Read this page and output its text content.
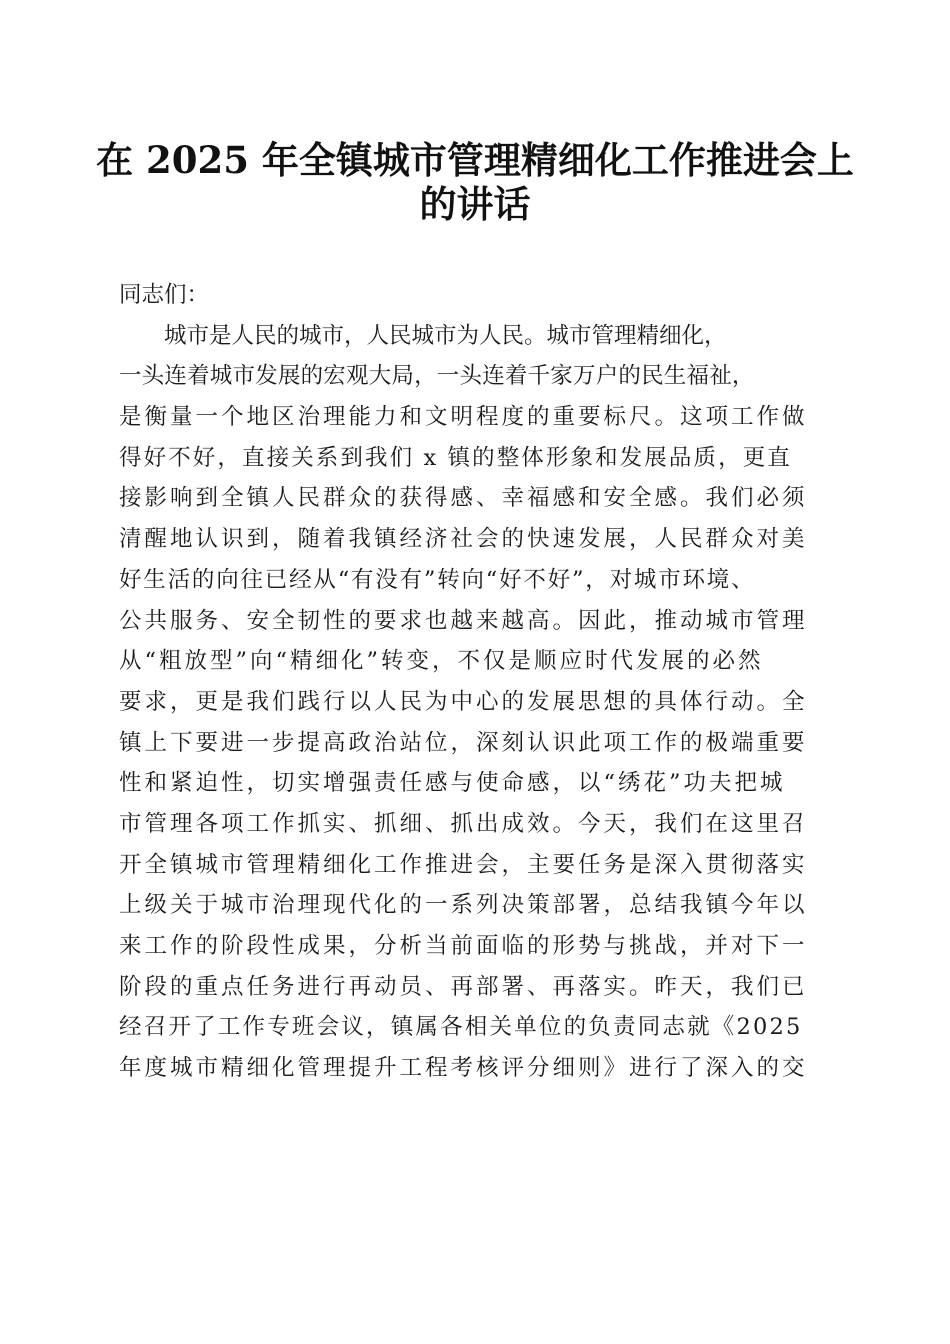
在 2025 年全镇城市管理精细化工作推进会上
的讲话
同志们：
城市是人民的城市，人民城市为人民。城市管理精细化，
一头连着城市发展的宏观大局，一头连着千家万户的民生福祉，
是衡量一个地区治理能力和文明程度的重要标尺。这项工作做
得好不好，直接关系到我们 x 镇的整体形象和发展品质，更直
接影响到全镇人民群众的获得感、幸福感和安全感。我们必须
清醒地认识到，随着我镇经济社会的快速发展，人民群众对美
好生活的向往已经从“有没有”转向“好不好”，对城市环境、
公共服务、安全韧性的要求也越来越高。因此，推动城市管理
从“粗放型”向“精细化”转变，不仅是顺应时代发展的必然
要求，更是我们践行以人民为中心的发展思想的具体行动。全
镇上下要进一步提高政治站位，深刻认识此项工作的极端重要
性和紧迫性，切实增强责任感与使命感，以“绣花”功夫把城
市管理各项工作抓实、抓细、抓出成效。今天，我们在这里召
开全镇城市管理精细化工作推进会，主要任务是深入贯彻落实
上级关于城市治理现代化的一系列决策部署，总结我镇今年以
来工作的阶段性成果，分析当前面临的形势与挑战，并对下一
阶段的重点任务进行再动员、再部署、再落实。昨天，我们已
经召开了工作专班会议，镇属各相关单位的负责同志就《2025
年度城市精细化管理提升工程考核评分细则》进行了深入的交
